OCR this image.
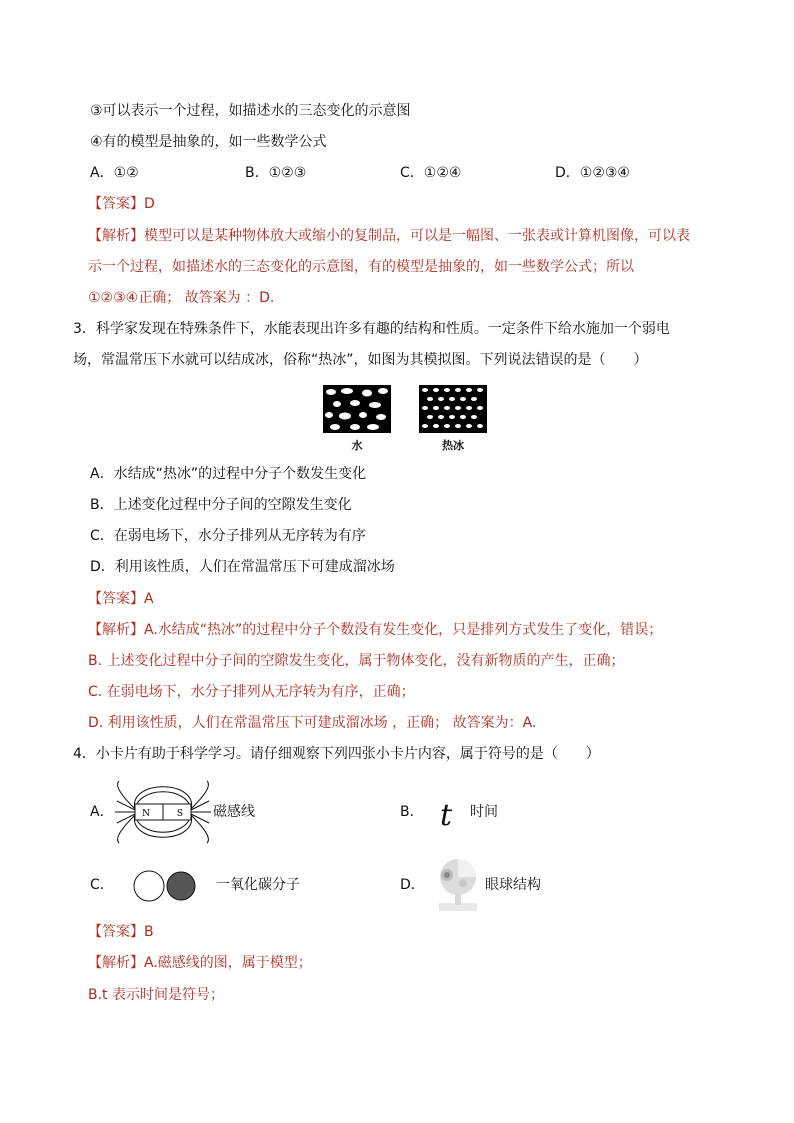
③可以表示一个过程，如描述水的三态变化的示意图
④有的模型是抽象的，如一些数学公式
A．①②	B．①②③	C．①②④	D．①②③④
【答案】D
【解析】模型可以是某种物体放大或缩小的复制品，可以是一幅图、一张表或计算机图像，可以表
示一个过程，如描述水的三态变化的示意图，有的模型是抽象的，如一些数学公式；所以
①②③④正确； 故答案为 ：D.
3．科学家发现在特殊条件下，水能表现出许多有趣的结构和性质。一定条件下给水施加一个弱电
场，常温常压下水就可以结成冰，俗称“热冰”，如图为其模拟图。下列说法错误的是（　　）
水	热冰
A．水结成“热冰”的过程中分子个数发生变化
B．上述变化过程中分子间的空隙发生变化
C．在弱电场下，水分子排列从无序转为有序
D．利用该性质，人们在常温常压下可建成溜冰场
【答案】A
【解析】A.水结成“热冰”的过程中分子个数没有发生变化，只是排列方式发生了变化，错误；
B. 上述变化过程中分子间的空隙发生变化，属于物体变化，没有新物质的产生，正确；
C. 在弱电场下，水分子排列从无序转为有序，正确；
D. 利用该性质，人们在常温常压下可建成溜冰场 ，正确； 故答案为：A.
4．小卡片有助于科学学习。请仔细观察下列四张小卡片内容，属于符号的是（　　）
A．	N	S 磁感线	B． t 时间
C．	一氧化碳分子	D．	眼球结构
【答案】B
【解析】A.磁感线的图，属于模型；
B.t 表示时间是符号；
